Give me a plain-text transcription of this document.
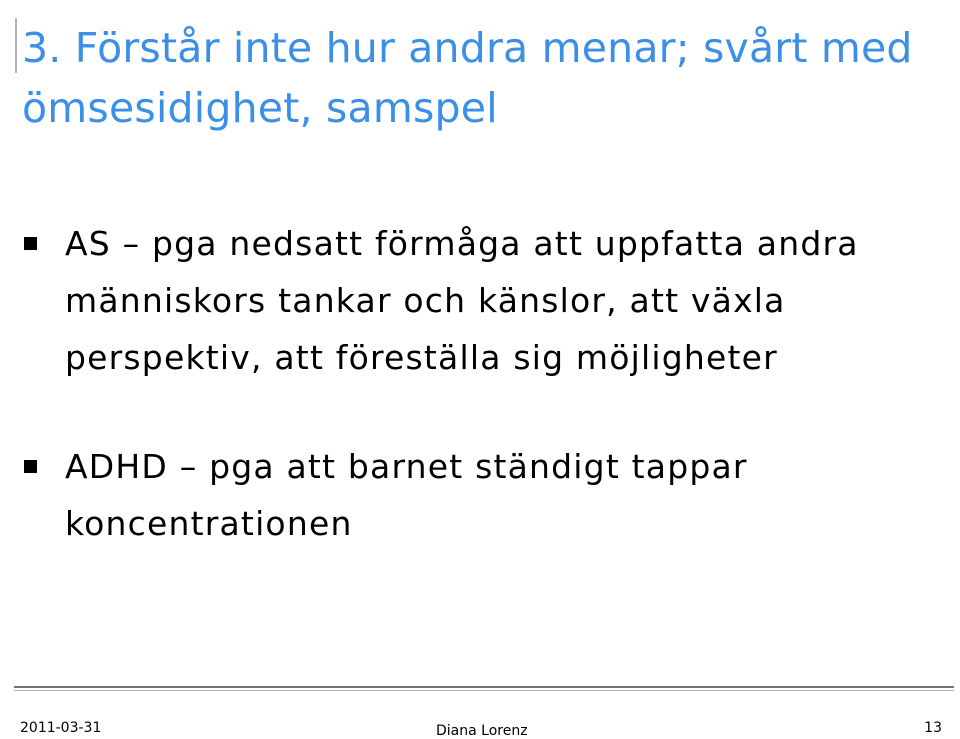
3. Förstår inte hur andra menar; svårt med ömsesidighet, samspel
AS – pga nedsatt förmåga att uppfatta andra människors tankar och känslor, att växla perspektiv, att föreställa sig möjligheter
ADHD – pga att barnet ständigt tappar koncentrationen
2011-03-31	Diana Lorenz	13
